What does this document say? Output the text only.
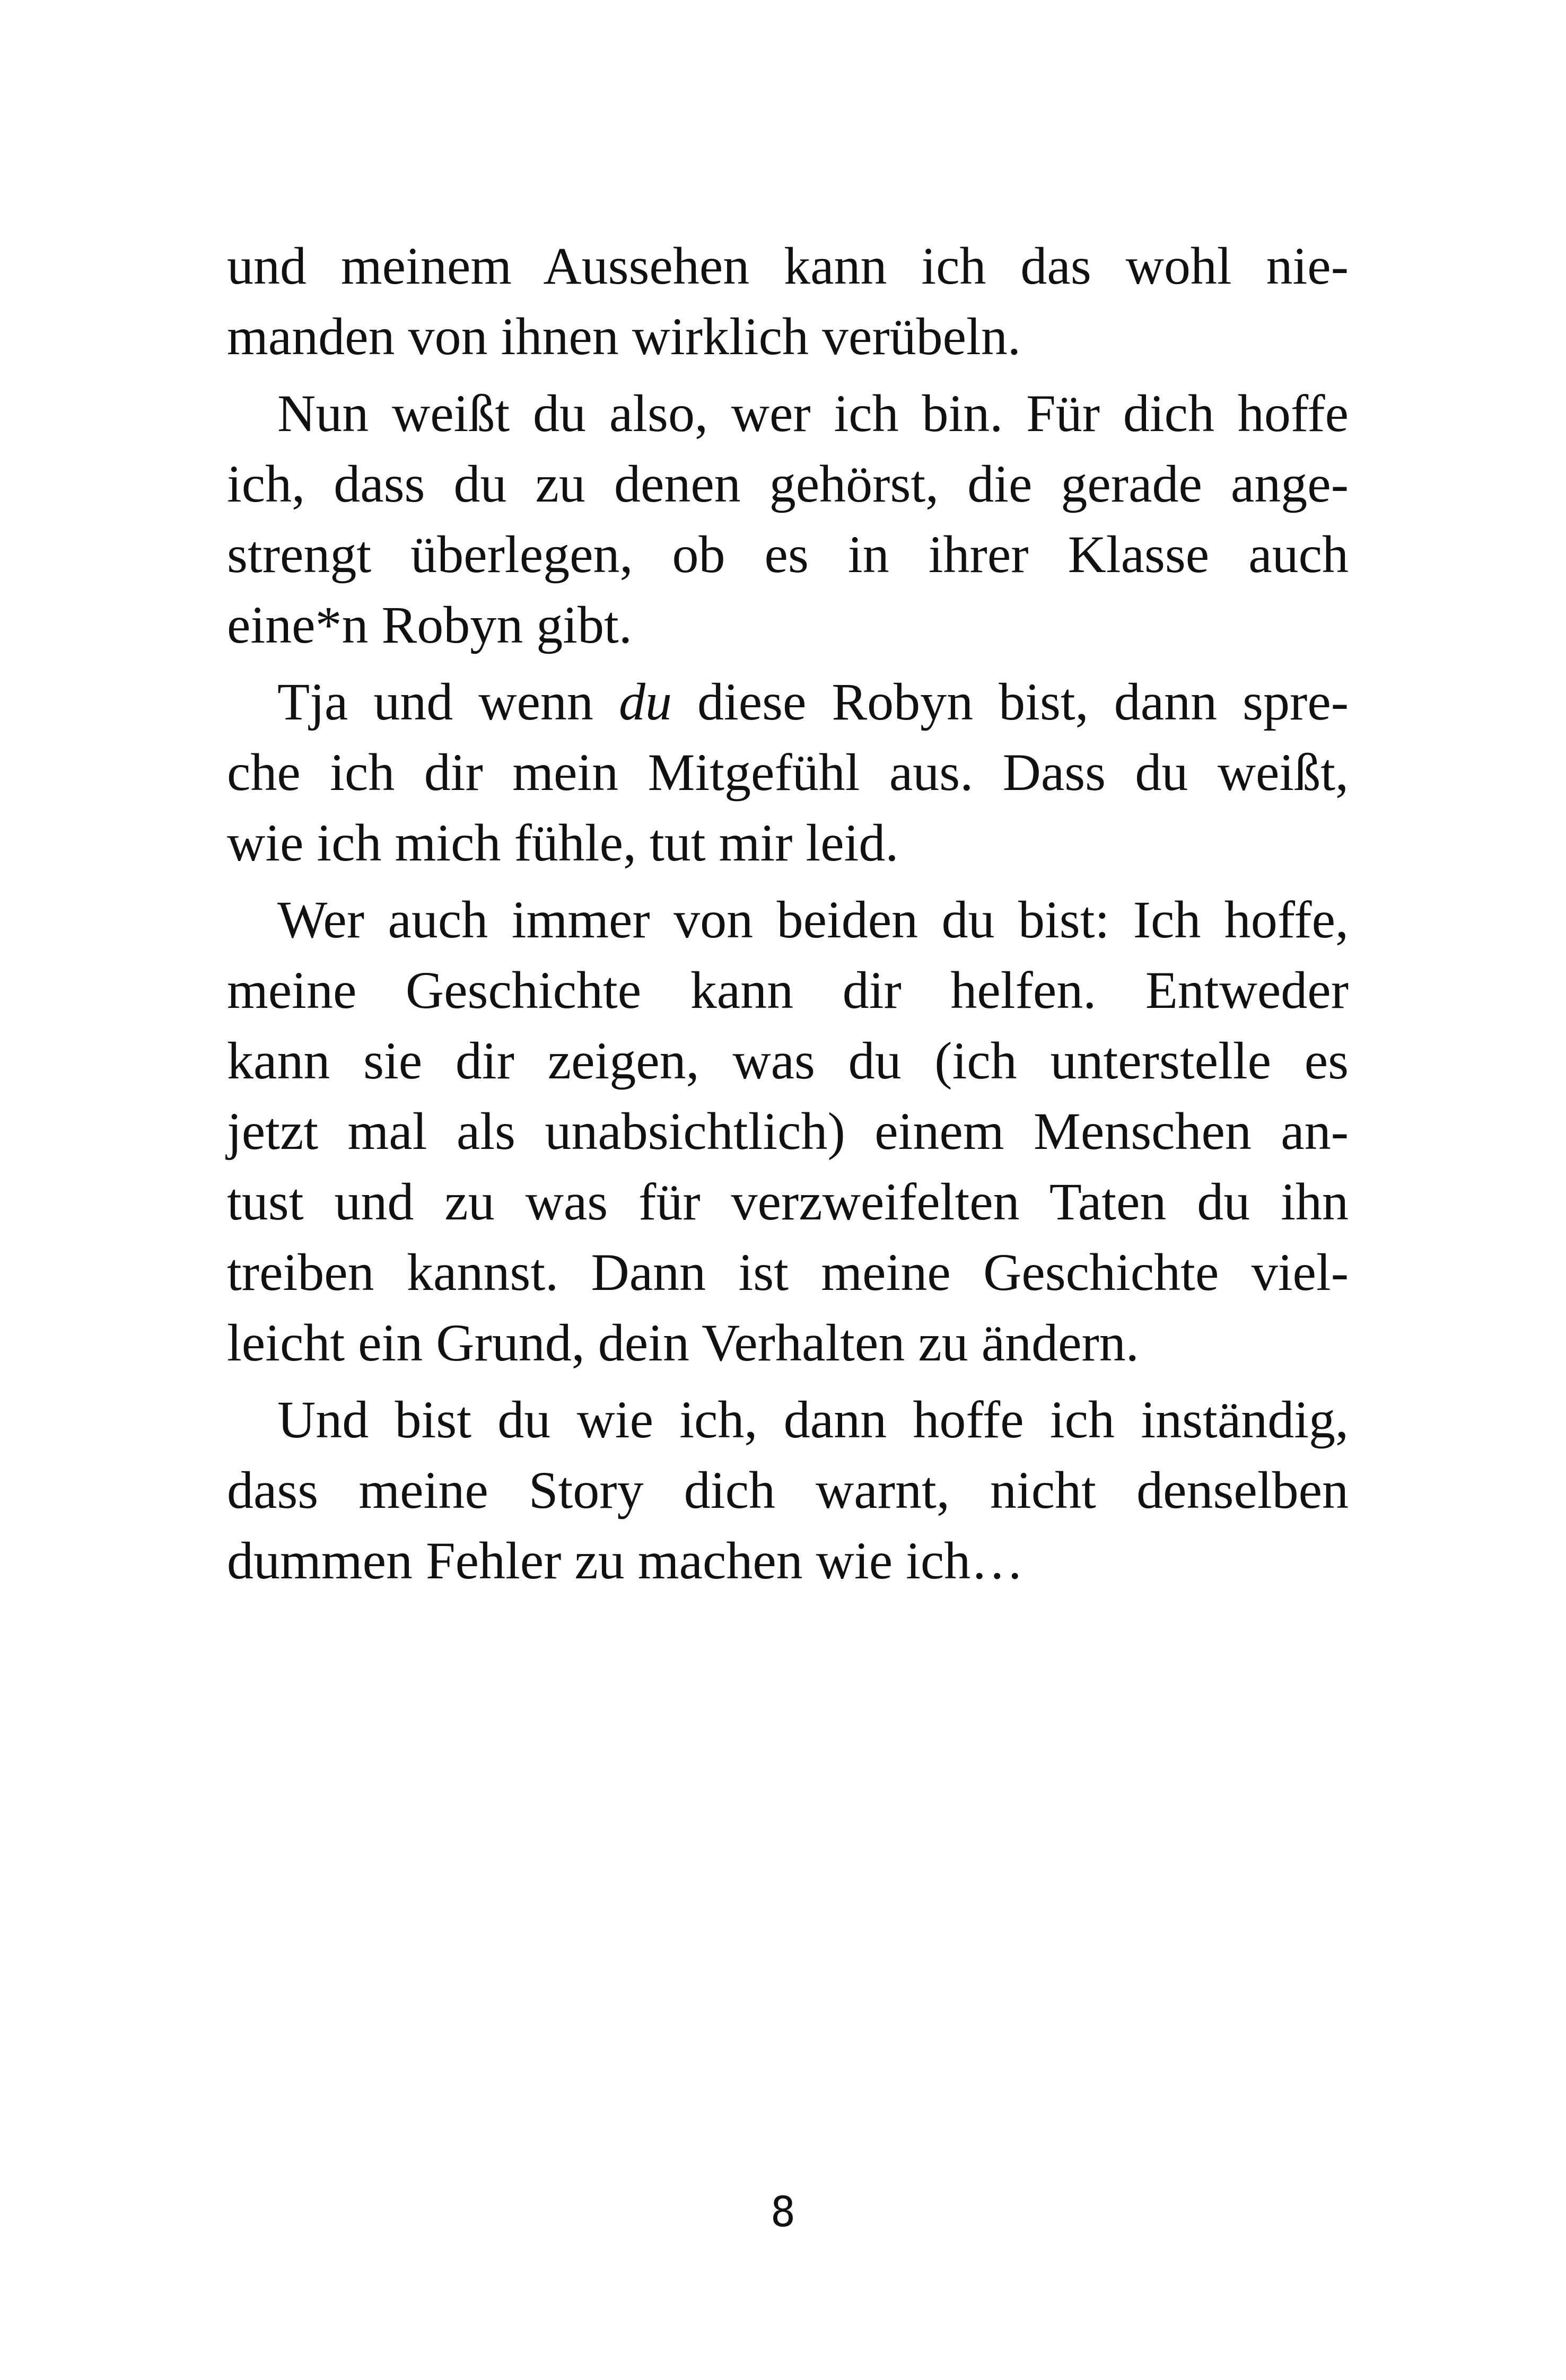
und meinem Aussehen kann ich das wohl nie-
manden von ihnen wirklich verübeln.
Nun weißt du also, wer ich bin. Für dich hoffe
ich, dass du zu denen gehörst, die gerade ange-
strengt überlegen, ob es in ihrer Klasse auch
eine*n Robyn gibt.
Tja und wenn du diese Robyn bist, dann spre-
che ich dir mein Mitgefühl aus. Dass du weißt,
wie ich mich fühle, tut mir leid.
Wer auch immer von beiden du bist: Ich hoffe,
meine Geschichte kann dir helfen. Entweder
kann sie dir zeigen, was du (ich unterstelle es
jetzt mal als unabsichtlich) einem Menschen an-
tust und zu was für verzweifelten Taten du ihn
treiben kannst. Dann ist meine Geschichte viel-
leicht ein Grund, dein Verhalten zu ändern.
Und bist du wie ich, dann hoffe ich inständig,
dass meine Story dich warnt, nicht denselben
dummen Fehler zu machen wie ich…
8
